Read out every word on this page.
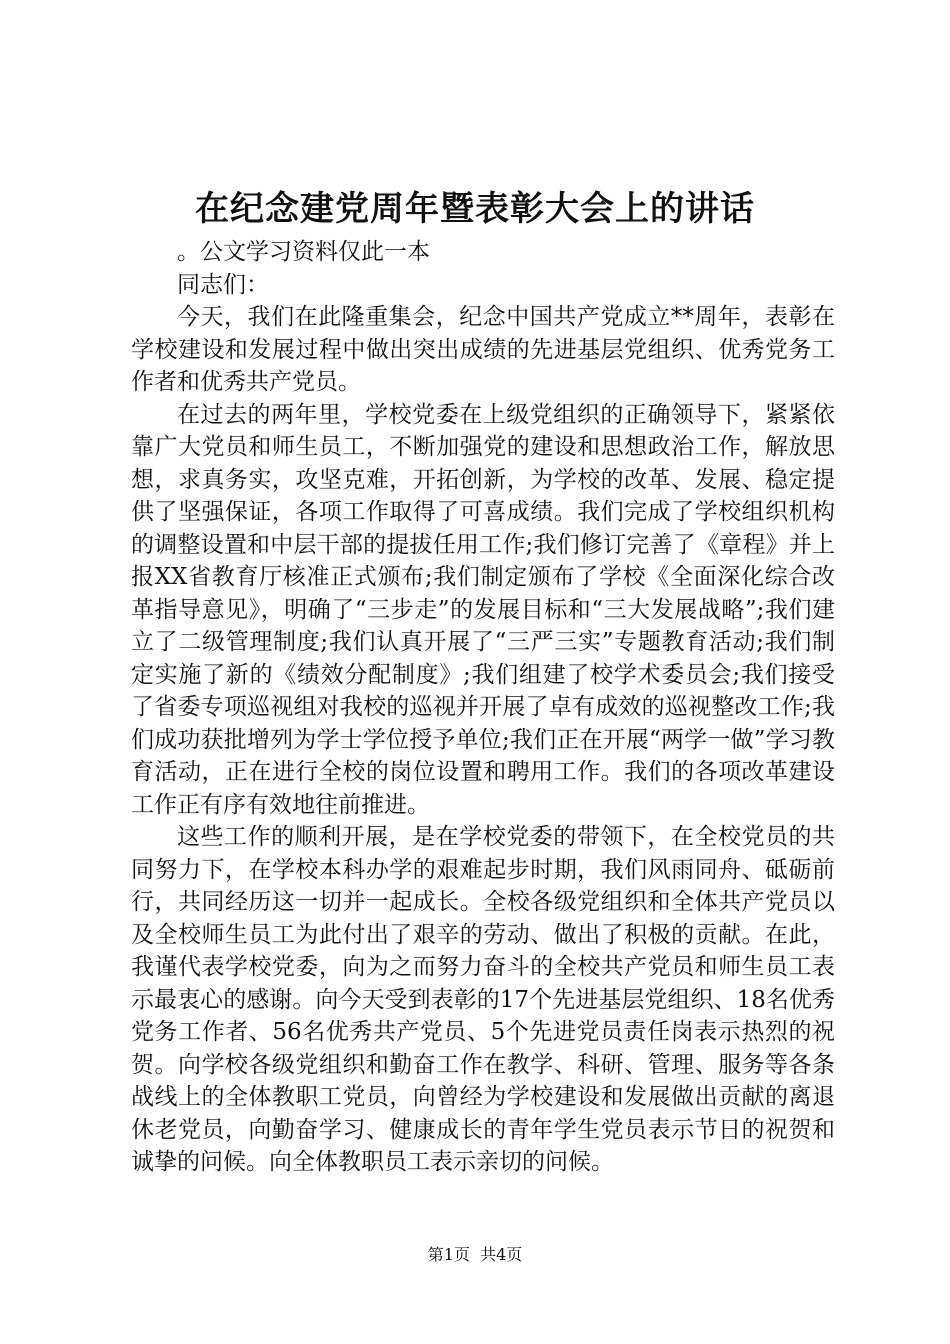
在纪念建党周年暨表彰大会上的讲话

。公文学习资料仅此一本

同志们：

今天，我们在此隆重集会，纪念中国共产党成立**周年，表彰在学校建设和发展过程中做出突出成绩的先进基层党组织、优秀党务工作者和优秀共产党员。

在过去的两年里，学校党委在上级党组织的正确领导下，紧紧依靠广大党员和师生员工，不断加强党的建设和思想政治工作，解放思想，求真务实，攻坚克难，开拓创新，为学校的改革、发展、稳定提供了坚强保证，各项工作取得了可喜成绩。我们完成了学校组织机构的调整设置和中层干部的提拔任用工作;我们修订完善了《章程》并上报XX省教育厅核准正式颁布;我们制定颁布了学校《全面深化综合改革指导意见》，明确了“三步走”的发展目标和“三大发展战略”;我们建立了二级管理制度;我们认真开展了“三严三实”专题教育活动;我们制定实施了新的《绩效分配制度》;我们组建了校学术委员会;我们接受了省委专项巡视组对我校的巡视并开展了卓有成效的巡视整改工作;我们成功获批增列为学士学位授予单位;我们正在开展“两学一做”学习教育活动，正在进行全校的岗位设置和聘用工作。我们的各项改革建设工作正有序有效地往前推进。

这些工作的顺利开展，是在学校党委的带领下，在全校党员的共同努力下，在学校本科办学的艰难起步时期，我们风雨同舟、砥砺前行，共同经历这一切并一起成长。全校各级党组织和全体共产党员以及全校师生员工为此付出了艰辛的劳动、做出了积极的贡献。在此，我谨代表学校党委，向为之而努力奋斗的全校共产党员和师生员工表示最衷心的感谢。向今天受到表彰的17个先进基层党组织、18名优秀党务工作者、56名优秀共产党员、5个先进党员责任岗表示热烈的祝贺。向学校各级党组织和勤奋工作在教学、科研、管理、服务等各条战线上的全体教职工党员，向曾经为学校建设和发展做出贡献的离退休老党员，向勤奋学习、健康成长的青年学生党员表示节日的祝贺和诚挚的问候。向全体教职员工表示亲切的问候。

第1页 共4页
